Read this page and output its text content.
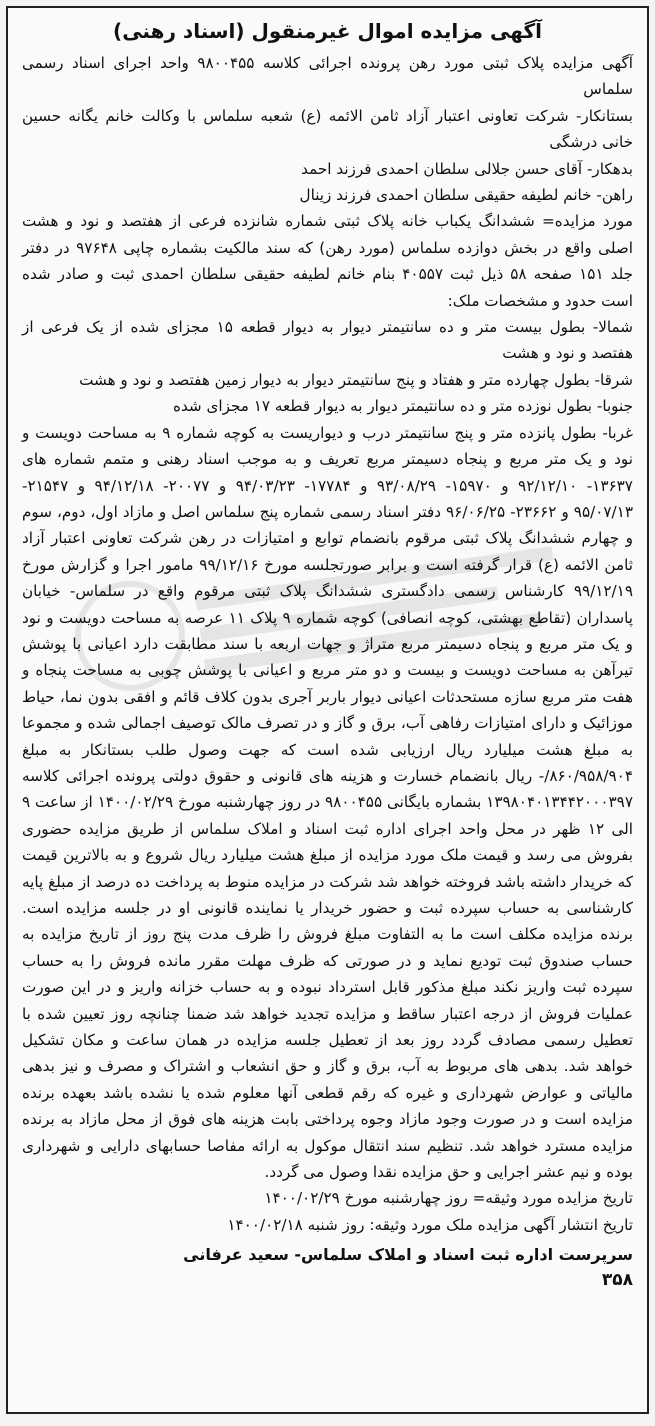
آگهی مزایده اموال غیرمنقول (اسناد رهنی)

آگهی مزایده پلاک ثبتی مورد رهن پرونده اجرائی کلاسه ۹۸۰۰۴۵۵ واحد اجرای اسناد رسمی سلماس

بستانکار- شرکت تعاونی اعتبار آزاد ثامن الائمه (ع) شعبه سلماس با وکالت خانم یگانه حسین خانی درشگی

بدهکار- آقای حسن جلالی سلطان احمدی فرزند احمد

راهن- خانم لطیفه حقیقی سلطان احمدی فرزند زینال

مورد مزایده= ششدانگ یکباب خانه پلاک ثبتی شماره شانزده فرعی از هفتصد و نود و هشت اصلی واقع در بخش دوازده سلماس (مورد رهن) که سند مالکیت بشماره چاپی ۹۷۶۴۸ در دفتر جلد ۱۵۱ صفحه ۵۸ ذیل ثبت ۴۰۵۵۷ بنام خانم لطیفه حقیقی سلطان احمدی ثبت و صادر شده است حدود و مشخصات ملک:

شمالا- بطول بیست متر و ده سانتیمتر دیوار به دیوار قطعه ۱۵ مجزای شده از یک فرعی از هفتصد و نود و هشت

شرقا- بطول چهارده متر و هفتاد و پنج سانتیمتر دیوار به دیوار زمین هفتصد و نود و هشت

جنوبا- بطول نوزده متر و ده سانتیمتر دیوار به دیوار قطعه ۱۷ مجزای شده

غربا- بطول پانزده متر و پنج سانتیمتر درب و دیواریست به کوچه شماره ۹ به مساحت دویست و نود و یک متر مربع و پنجاه دسیمتر مربع تعریف و به موجب اسناد رهنی و متمم شماره های ۱۳۶۳۷- ۹۲/۱۲/۱۰ و ۱۵۹۷۰- ۹۳/۰۸/۲۹ و ۱۷۷۸۴- ۹۴/۰۳/۲۳ و ۲۰۰۷۷- ۹۴/۱۲/۱۸ و ۲۱۵۴۷- ۹۵/۰۷/۱۳ و ۲۳۶۶۲- ۹۶/۰۶/۲۵ دفتر اسناد رسمی شماره پنج سلماس اصل و مازاد اول، دوم، سوم و چهارم ششدانگ پلاک ثبتی مرقوم بانضمام توابع و امتیازات در رهن شرکت تعاونی اعتبار آزاد ثامن الائمه (ع) قرار گرفته است و برابر صورتجلسه مورخ ۹۹/۱۲/۱۶ مامور اجرا و گزارش مورخ ۹۹/۱۲/۱۹ کارشناس رسمی دادگستری ششدانگ پلاک ثبتی مرقوم واقع در سلماس- خیابان پاسداران (تقاطع بهشتی، کوچه انصافی) کوچه شماره ۹ پلاک ۱۱ عرصه به مساحت دویست و نود و یک متر مربع و پنجاه دسیمتر مربع متراژ و جهات اربعه با سند مطابقت دارد اعیانی با پوشش تیرآهن به مساحت دویست و بیست و دو متر مربع و اعیانی با پوشش چوبی به مساحت پنجاه و هفت متر مربع سازه مستحدثات اعیانی دیوار باربر آجری بدون کلاف قائم و افقی بدون نما، حیاط موزائیک و دارای امتیازات رفاهی آب، برق و گاز و در تصرف مالک توصیف اجمالی شده و مجموعا به مبلغ هشت میلیارد ریال ارزیابی شده است که جهت وصول طلب بستانکار به مبلغ ۸۶۰/۹۵۸/۹۰۴/- ریال بانضمام خسارت و هزینه های قانونی و حقوق دولتی پرونده اجرائی کلاسه ۱۳۹۸۰۴۰۱۳۴۴۲۰۰۰۳۹۷ بشماره بایگانی ۹۸۰۰۴۵۵ در روز چهارشنبه مورخ ۱۴۰۰/۰۲/۲۹ از ساعت ۹ الی ۱۲ ظهر در محل واحد اجرای اداره ثبت اسناد و املاک سلماس از طریق مزایده حضوری بفروش می رسد و قیمت ملک مورد مزایده از مبلغ هشت میلیارد ریال شروع و به بالاترین قیمت که خریدار داشته باشد فروخته خواهد شد شرکت در مزایده منوط به پرداخت ده درصد از مبلغ پایه کارشناسی به حساب سپرده ثبت و حضور خریدار یا نماینده قانونی او در جلسه مزایده است. برنده مزایده مکلف است ما به التفاوت مبلغ فروش را ظرف مدت پنج روز از تاریخ مزایده به حساب صندوق ثبت تودیع نماید و در صورتی که ظرف مهلت مقرر مانده فروش را به حساب سپرده ثبت واریز نکند مبلغ مذکور قابل استرداد نبوده و به حساب خزانه واریز و در این صورت عملیات فروش از درجه اعتبار ساقط و مزایده تجدید خواهد شد ضمنا چنانچه روز تعیین شده با تعطیل رسمی مصادف گردد روز بعد از تعطیل جلسه مزایده در همان ساعت و مکان تشکیل خواهد شد. بدهی های مربوط به آب، برق و گاز و حق انشعاب و اشتراک و مصرف و نیز بدهی مالیاتی و عوارض شهرداری و غیره که رقم قطعی آنها معلوم شده یا نشده باشد بعهده برنده مزایده است و در صورت وجود مازاد وجوه پرداختی بابت هزینه های فوق از محل مازاد به برنده مزایده مسترد خواهد شد. تنظیم سند انتقال موکول به ارائه مفاصا حسابهای دارایی و شهرداری بوده و نیم عشر اجرایی و حق مزایده نقدا وصول می گردد.

تاریخ مزایده مورد وثیقه= روز چهارشنبه مورخ ۱۴۰۰/۰۲/۲۹

تاریخ انتشار آگهی مزایده ملک مورد وثیقه: روز شنبه ۱۴۰۰/۰۲/۱۸

سرپرست اداره ثبت اسناد و املاک سلماس- سعید عرفانی
۳۵۸
